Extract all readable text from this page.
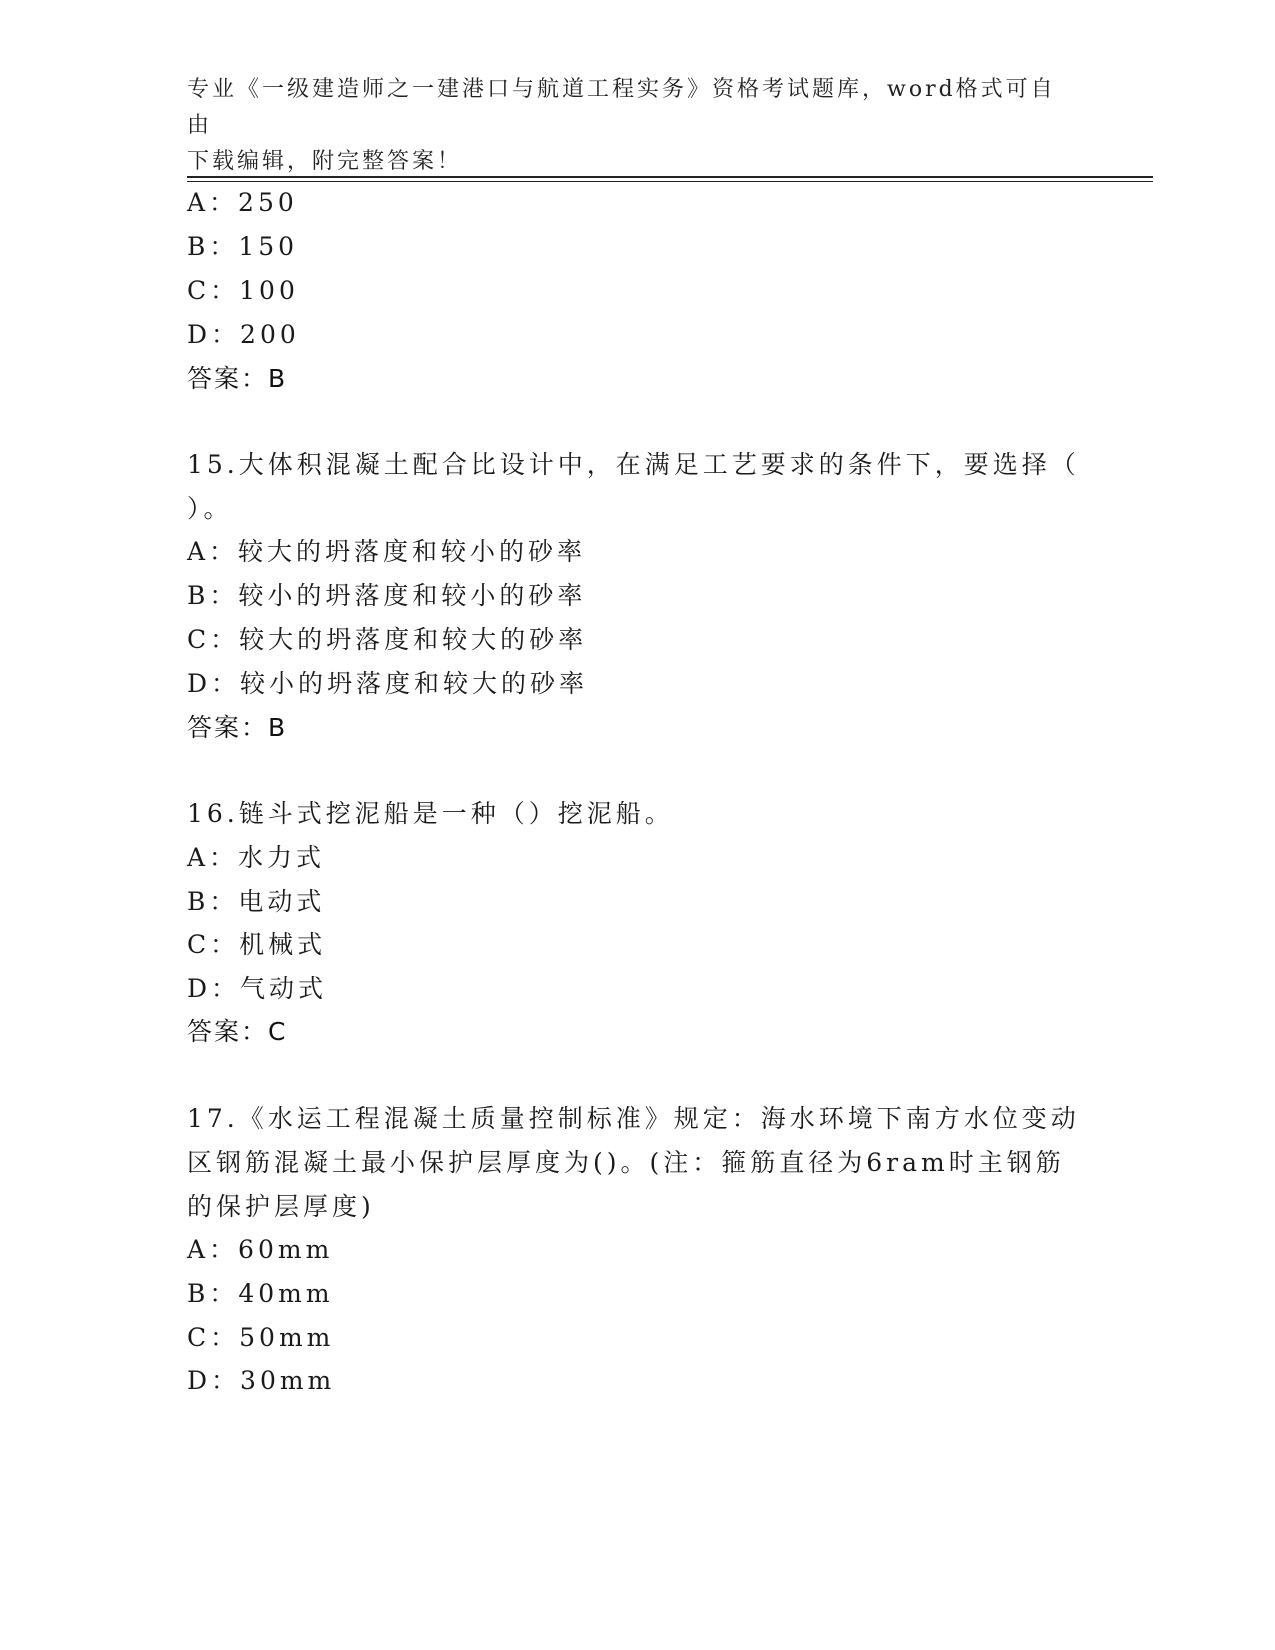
专业《一级建造师之一建港口与航道工程实务》资格考试题库，word格式可自由
下载编辑，附完整答案！
A：250
B：150
C：100
D：200
答案：B
15.大体积混凝土配合比设计中，在满足工艺要求的条件下，要选择（
）。
A：较大的坍落度和较小的砂率
B：较小的坍落度和较小的砂率
C：较大的坍落度和较大的砂率
D：较小的坍落度和较大的砂率
答案：B
16.链斗式挖泥船是一种（）挖泥船。
A：水力式
B：电动式
C：机械式
D：气动式
答案：C
17.《水运工程混凝土质量控制标准》规定：海水环境下南方水位变动
区钢筋混凝土最小保护层厚度为()。(注：箍筋直径为6ram时主钢筋
的保护层厚度)
A：60mm
B：40mm
C：50mm
D：30mm
